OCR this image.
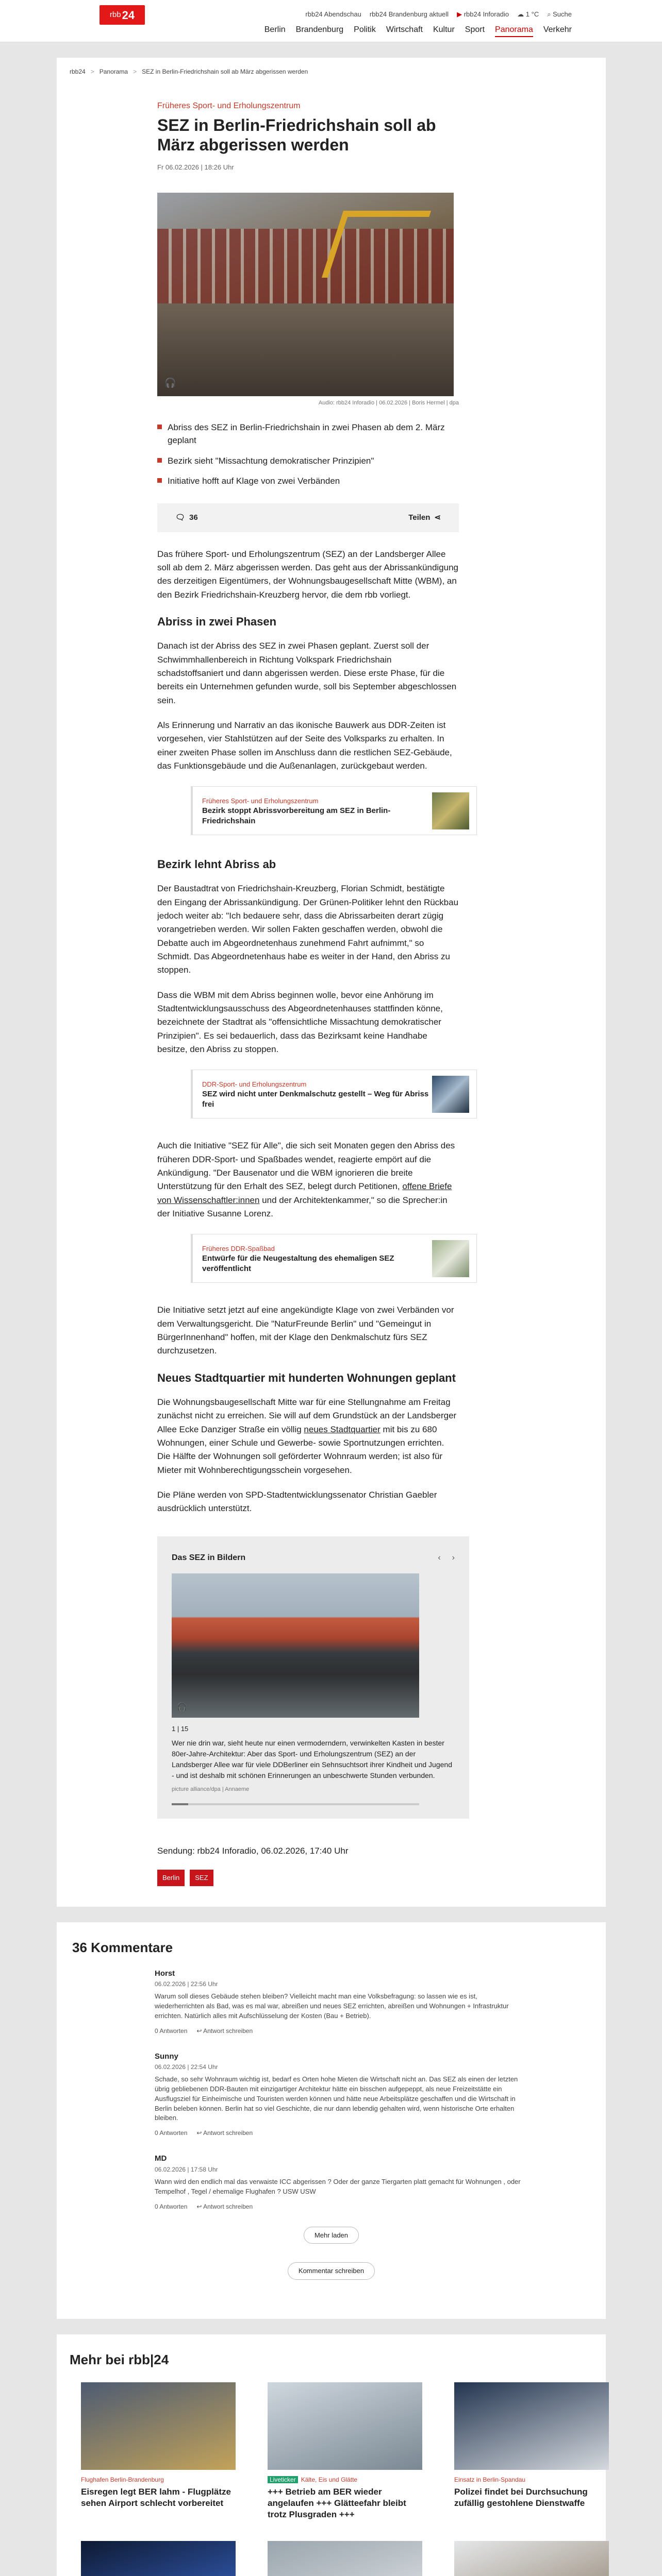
rbb 24	rbb24 Abendschau rbb24 Brandenburg aktuell ▶ rbb24 Inforadio ☁ 1 °C ⌕ Suche
Berlin Brandenburg Politik Wirtschaft Kultur Sport Panorama Verkehr
rbb24 > Panorama > SEZ in Berlin-Friedrichshain soll ab März abgerissen werden
Früheres Sport- und Erholungszentrum
SEZ in Berlin-Friedrichshain soll ab März abgerissen werden
Fr 06.02.2026 | 18:26 Uhr
🎧
Audio: rbb24 Inforadio | 06.02.2026 | Boris Hermel | dpa
Abriss des SEZ in Berlin-Friedrichshain in zwei Phasen ab dem 2. März geplant
Bezirk sieht "Missachtung demokratischer Prinzipien"
Initiative hofft auf Klage von zwei Verbänden
🗨 36	Teilen ⋖

Das frühere Sport- und Erholungszentrum (SEZ) an der Landsberger Allee soll ab dem 2. März abgerissen werden. Das geht aus der Abrissankündigung des derzeitigen Eigentümers, der Wohnungsbaugesellschaft Mitte (WBM), an den Bezirk Friedrichshain-Kreuzberg hervor, die dem rbb vorliegt.

Abriss in zwei Phasen

Danach ist der Abriss des SEZ in zwei Phasen geplant. Zuerst soll der Schwimmhallenbereich in Richtung Volkspark Friedrichshain schadstoffsaniert und dann abgerissen werden. Diese erste Phase, für die bereits ein Unternehmen gefunden wurde, soll bis September abgeschlossen sein.

Als Erinnerung und Narrativ an das ikonische Bauwerk aus DDR-Zeiten ist vorgesehen, vier Stahlstützen auf der Seite des Volksparks zu erhalten. In einer zweiten Phase sollen im Anschluss dann die restlichen SEZ-Gebäude, das Funktionsgebäude und die Außenanlagen, zurückgebaut werden.

Früheres Sport- und Erholungszentrum
Bezirk stoppt Abrissvorbereitung am SEZ in Berlin-Friedrichshain
Bezirk lehnt Abriss ab

Der Baustadtrat von Friedrichshain-Kreuzberg, Florian Schmidt, bestätigte den Eingang der Abrissankündigung. Der Grünen-Politiker lehnt den Rückbau jedoch weiter ab: "Ich bedauere sehr, dass die Abrissarbeiten derart zügig vorangetrieben werden. Wir sollen Fakten geschaffen werden, obwohl die Debatte auch im Abgeordnetenhaus zunehmend Fahrt aufnimmt," so Schmidt. Das Abgeordnetenhaus habe es weiter in der Hand, den Abriss zu stoppen.

Dass die WBM mit dem Abriss beginnen wolle, bevor eine Anhörung im Stadtentwicklungsausschuss des Abgeordnetenhauses stattfinden könne, bezeichnete der Stadtrat als "offensichtliche Missachtung demokratischer Prinzipien". Es sei bedauerlich, dass das Bezirksamt keine Handhabe besitze, den Abriss zu stoppen.

DDR-Sport- und Erholungszentrum
SEZ wird nicht unter Denkmalschutz gestellt – Weg für Abriss frei

Auch die Initiative "SEZ für Alle", die sich seit Monaten gegen den Abriss des früheren DDR-Sport- und Spaßbades wendet, reagierte empört auf die Ankündigung. "Der Bausenator und die WBM ignorieren die breite Unterstützung für den Erhalt des SEZ, belegt durch Petitionen, offene Briefe von Wissenschaftler:innen und der Architektenkammer," so die Sprecher:in der Initiative Susanne Lorenz.

Früheres DDR-Spaßbad
Entwürfe für die Neugestaltung des ehemaligen SEZ veröffentlicht

Die Initiative setzt jetzt auf eine angekündigte Klage von zwei Verbänden vor dem Verwaltungsgericht. Die "NaturFreunde Berlin" und "Gemeingut in BürgerInnenhand" hoffen, mit der Klage den Denkmalschutz fürs SEZ durchzusetzen.

Neues Stadtquartier mit hunderten Wohnungen geplant

Die Wohnungsbaugesellschaft Mitte war für eine Stellungnahme am Freitag zunächst nicht zu erreichen. Sie will auf dem Grundstück an der Landsberger Allee Ecke Danziger Straße ein völlig neues Stadtquartier mit bis zu 680 Wohnungen, einer Schule und Gewerbe- sowie Sportnutzungen errichten. Die Hälfte der Wohnungen soll geförderter Wohnraum werden; ist also für Mieter mit Wohnberechtigungsschein vorgesehen.

Die Pläne werden von SPD-Stadtentwicklungssenator Christian Gaebler ausdrücklich unterstützt.

Das SEZ in Bildern	‹ ›
🎧
1 | 15
Wer nie drin war, sieht heute nur einen vermoderndern, verwinkelten Kasten in bester 80er-Jahre-Architektur: Aber das Sport- und Erholungszentrum (SEZ) an der Landsberger Allee war für viele DDBerliner ein Sehnsuchtsort ihrer Kindheit und Jugend - und ist deshalb mit schönen Erinnerungen an unbeschwerte Stunden verbunden.
picture alliance/dpa | Annaeme
Sendung: rbb24 Inforadio, 06.02.2026, 17:40 Uhr
Berlin	SEZ
36 Kommentare
Horst
06.02.2026 | 22:56 Uhr
Warum soll dieses Gebäude stehen bleiben? Vielleicht macht man eine Volksbefragung: so lassen wie es ist, wiederherrichten als Bad, was es mal war, abreißen und neues SEZ errichten, abreißen und Wohnungen + Infrastruktur errichten. Natürlich alles mit Aufschlüsselung der Kosten (Bau + Betrieb).
0 Antworten ↩ Antwort schreiben
Sunny
06.02.2026 | 22:54 Uhr
Schade, so sehr Wohnraum wichtig ist, bedarf es Orten hohe Mieten die Wirtschaft nicht an. Das SEZ als einen der letzten übrig gebliebenen DDR-Bauten mit einzigartiger Architektur hätte ein bisschen aufgepeppt, als neue Freizeitstätte ein Ausflugsziel für Einheimische und Touristen werden können und hätte neue Arbeitsplätze geschaffen und die Wirtschaft in Berlin beleben können. Berlin hat so viel Geschichte, die nur dann lebendig gehalten wird, wenn historische Orte erhalten bleiben.
0 Antworten ↩ Antwort schreiben
MD
06.02.2026 | 17:58 Uhr
Wann wird den endlich mal das verwaiste ICC abgerissen ? Oder der ganze Tiergarten platt gemacht für Wohnungen , oder Tempelhof , Tegel / ehemalige Flughafen ? USW USW
0 Antworten ↩ Antwort schreiben
Mehr laden
Kommentar schreiben
Mehr bei rbb|24
Flughafen Berlin-Brandenburg
Eisregen legt BER lahm - Flugplätze sehen Airport schlecht vorbereitet
Liveticker Kälte, Eis und Glätte
+++ Betrieb am BER wieder angelaufen +++ Glätteefahr bleibt trotz Plusgraden +++
Einsatz in Berlin-Spandau
Polizei findet bei Durchsuchung zufällig gestohlene Dienstwaffe
